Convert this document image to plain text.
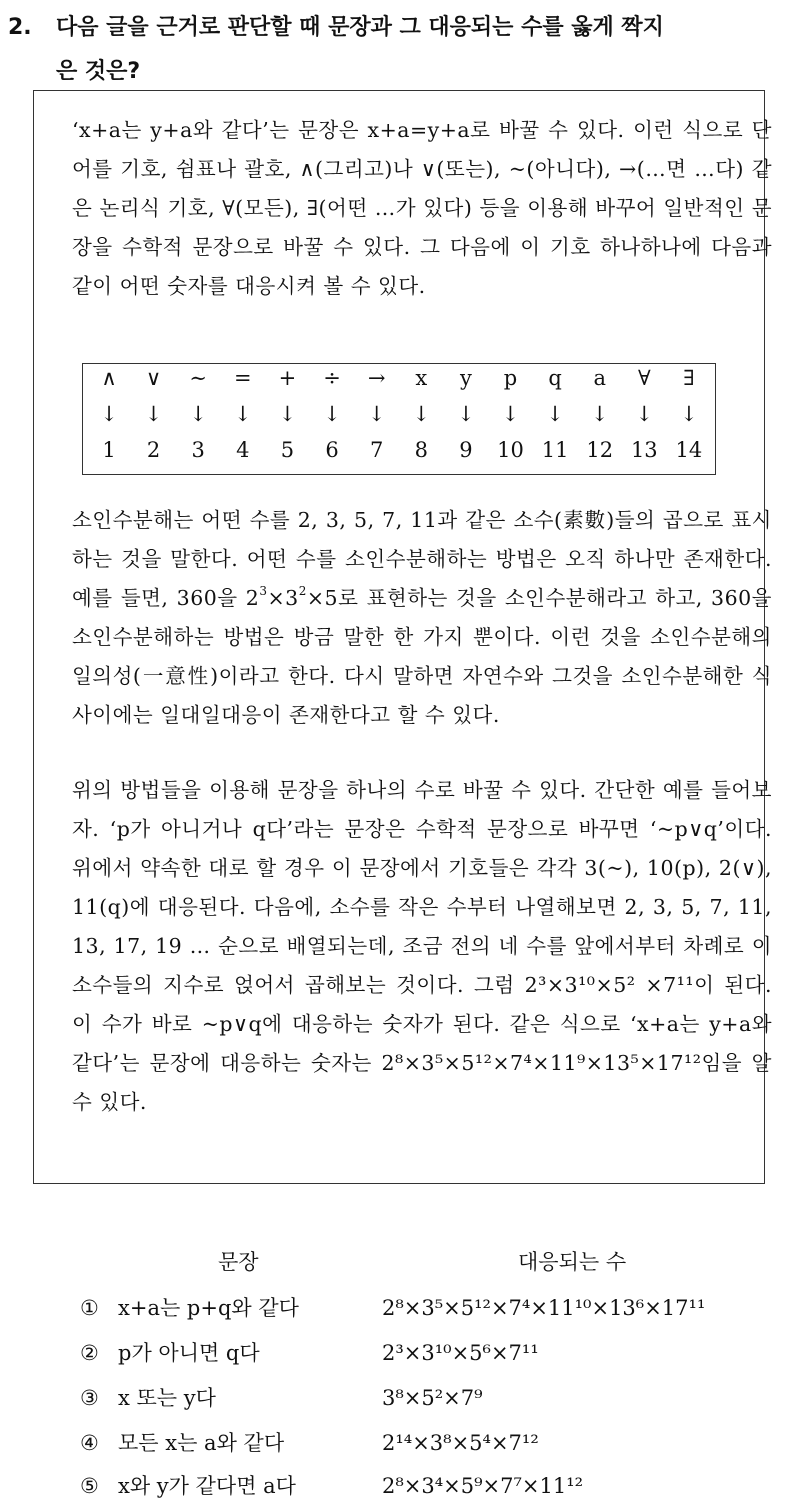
2. 다음 글을 근거로 판단할 때 문장과 그 대응되는 수를 옳게 짝지
은 것은?
‘x+a는 y+a와 같다’는 문장은 x+a=y+a로 바꿀 수 있다. 이런 식으로 단어를 기호, 쉼표나 괄호, ∧(그리고)나 ∨(또는), ~(아니다), →(…면 …다) 같은 논리식 기호, ∀(모든), ∃(어떤 …가 있다) 등을 이용해 바꾸어 일반적인 문장을 수학적 문장으로 바꿀 수 있다. 그 다음에 이 기호 하나하나에 다음과 같이 어떤 숫자를 대응시켜 볼 수 있다.
∧	∨	∼	=	+	÷	→	x	y	p	q	a	∀	∃
↓	↓	↓	↓	↓	↓	↓	↓	↓	↓	↓	↓	↓	↓
1	2	3	4	5	6	7	8	9	10 11 12 13 14
소인수분해는 어떤 수를 2, 3, 5, 7, 11과 같은 소수(素數)들의 곱으로 표시하는 것을 말한다. 어떤 수를 소인수분해하는 방법은 오직 하나만 존재한다. 예를 들면, 360을 $2^3\times 3^2\times 5$로 표현하는 것을 소인수분해라고 하고, 360을 소인수분해하는 방법은 방금 말한 한 가지 뿐이다. 이런 것을 소인수분해의 일의성(一意性)이라고 한다. 다시 말하면 자연수와 그것을 소인수분해한 식 사이에는 일대일대응이 존재한다고 할 수 있다.
위의 방법들을 이용해 문장을 하나의 수로 바꿀 수 있다. 간단한 예를 들어보자. ‘p가 아니거나 q다’라는 문장은 수학적 문장으로 바꾸면 ‘~p∨q’이다. 위에서 약속한 대로 할 경우 이 문장에서 기호들은 각각 3(~), 10(p), 2(∨), 11(q)에 대응된다. 다음에, 소수를 작은 수부터 나열해보면 2, 3, 5, 7, 11, 13, 17, 19 … 순으로 배열되는데, 조금 전의 네 수를 앞에서부터 차례로 이 소수들의 지수로 얹어서 곱해보는 것이다. 그럼 2³×3¹⁰×5² ×7¹¹이 된다. 이 수가 바로 ~p∨q에 대응하는 숫자가 된다. 같은 식으로 ‘x+a는 y+a와 같다’는 문장에 대응하는 숫자는 2⁸×3⁵×5¹²×7⁴×11⁹×13⁵×17¹²임을 알 수 있다.
문장	대응되는 수
① x+a는 p+q와 같다	2⁸×3⁵×5¹²×7⁴×11¹⁰×13⁶×17¹¹
② p가 아니면 q다	2³×3¹⁰×5⁶×7¹¹
③ x 또는 y다	3⁸×5²×7⁹
④ 모든 x는 a와 같다	2¹⁴×3⁸×5⁴×7¹²
⑤ x와 y가 같다면 a다	2⁸×3⁴×5⁹×7⁷×11¹²
